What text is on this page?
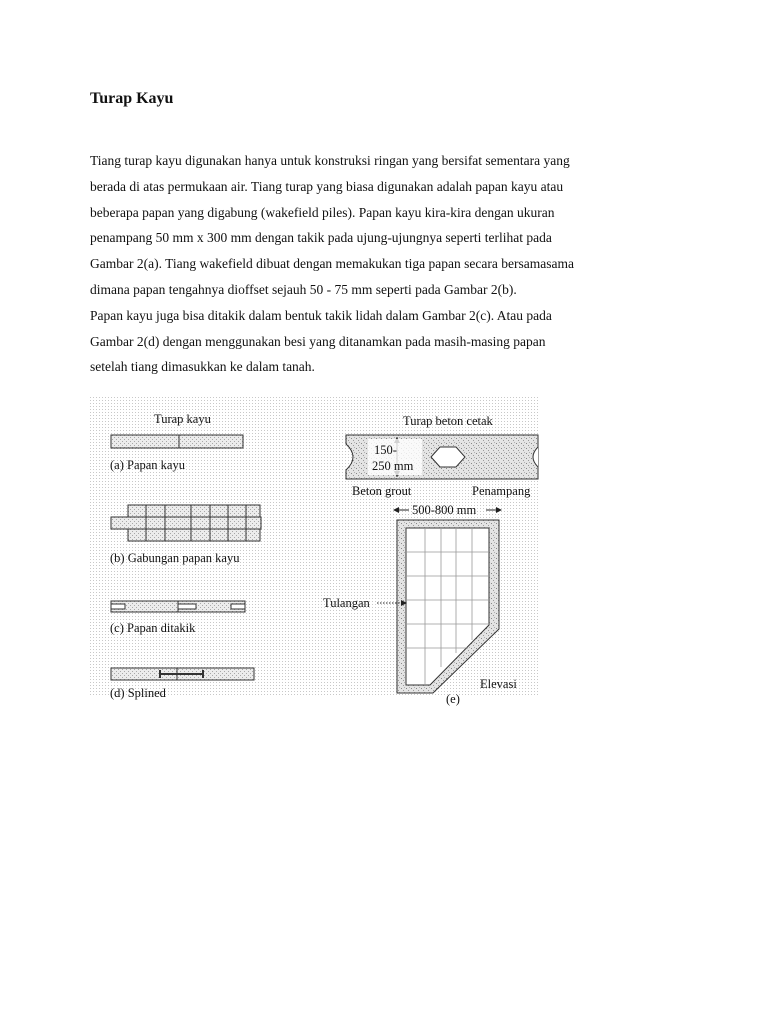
Turap Kayu

Tiang turap kayu digunakan hanya untuk konstruksi ringan yang bersifat sementara yang
berada di atas permukaan air. Tiang turap yang biasa digunakan adalah papan kayu atau
beberapa papan yang digabung (wakefield piles). Papan kayu kira-kira dengan ukuran
penampang 50 mm x 300 mm dengan takik pada ujung-ujungnya seperti terlihat pada
Gambar 2(a). Tiang wakefield dibuat dengan memakukan tiga papan secara bersamasama
dimana papan tengahnya dioffset sejauh 50 - 75 mm seperti pada Gambar 2(b).
Papan kayu juga bisa ditakik dalam bentuk takik lidah dalam Gambar 2(c). Atau pada
Gambar 2(d) dengan menggunakan besi yang ditanamkan pada masih-masing papan
setelah tiang dimasukkan ke dalam tanah.

Turap kayu
(a) Papan kayu
(b) Gabungan papan kayu
(c) Papan ditakik
(d) Splined
Turap beton cetak
150-
250 mm
Beton grout	Penampang
500-800 mm
Tulangan
Elevasi
(e)
